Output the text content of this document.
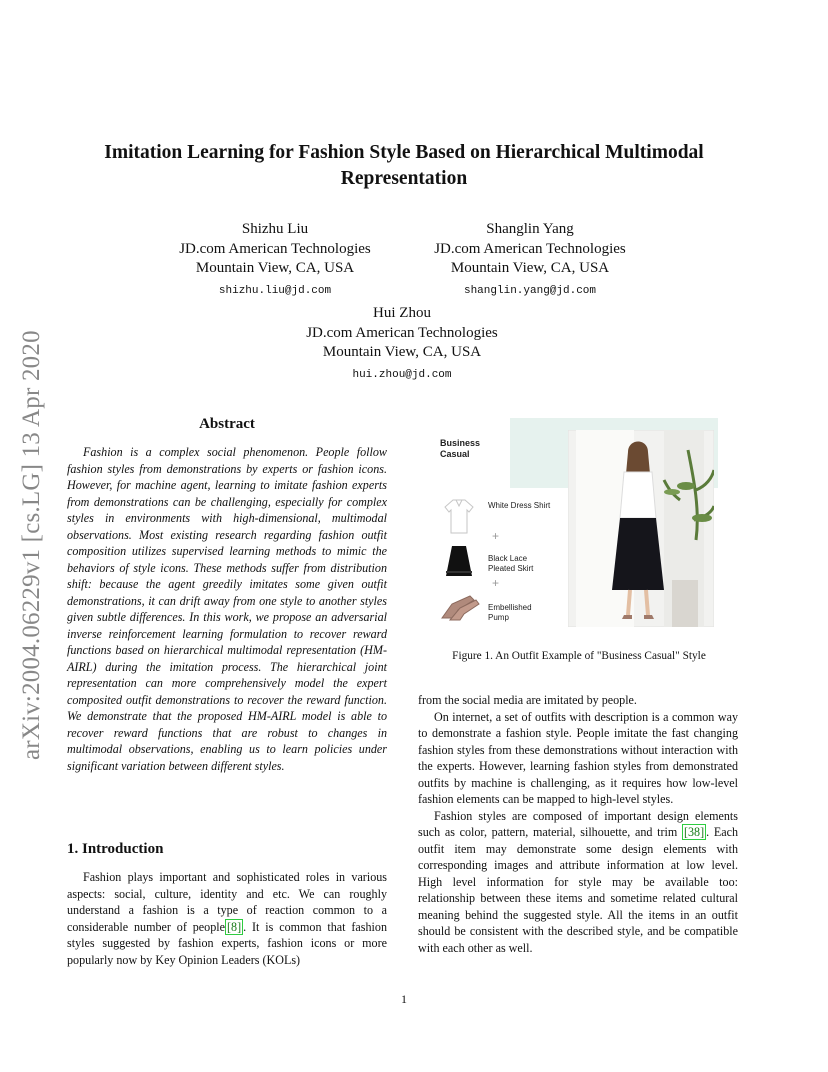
arXiv:2004.06229v1 [cs.LG] 13 Apr 2020
Imitation Learning for Fashion Style Based on Hierarchical Multimodal Representation
Shizhu Liu
JD.com American Technologies
Mountain View, CA, USA
shizhu.liu@jd.com
Shanglin Yang
JD.com American Technologies
Mountain View, CA, USA
shanglin.yang@jd.com
Hui Zhou
JD.com American Technologies
Mountain View, CA, USA
hui.zhou@jd.com
Abstract

Fashion is a complex social phenomenon. People follow fashion styles from demonstrations by experts or fashion icons. However, for machine agent, learning to imitate fashion experts from demonstrations can be challenging, especially for complex styles in environments with high-dimensional, multimodal observations. Most existing research regarding fashion outfit composition utilizes supervised learning methods to mimic the behaviors of style icons. These methods suffer from distribution shift: because the agent greedily imitates some given outfit demonstrations, it can drift away from one style to another styles given subtle differences. In this work, we propose an adversarial inverse reinforcement learning formulation to recover reward functions based on hierarchical multimodal representation (HM-AIRL) during the imitation process. The hierarchical joint representation can more comprehensively model the expert composited outfit demonstrations to recover the reward function. We demonstrate that the proposed HM-AIRL model is able to recover reward functions that are robust to changes in multimodal observations, enabling us to learn policies under significant variation between different styles.

1. Introduction

Fashion plays important and sophisticated roles in various aspects: social, culture, identity and etc. We can roughly understand a fashion is a type of reaction common to a considerable number of people [8] . It is common that fashion styles suggested by fashion experts, fashion icons or more popularly now by Key Opinion Leaders (KOLs)

Business Casual
White Dress Shirt
+
Black Lace Pleated Skirt
+
Embellished Pump
Figure 1. An Outfit Example of "Business Casual" Style

from the social media are imitated by people.

On internet, a set of outfits with description is a common way to demonstrate a fashion style. People imitate the fast changing fashion styles from these demonstrations without interaction with the experts. However, learning fashion styles from demonstrated outfits by machine is challenging, as it requires how low-level fashion elements can be mapped to high-level styles.

Fashion styles are composed of important design elements such as color, pattern, material, silhouette, and trim [38] . Each outfit item may demonstrate some design elements with corresponding images and attribute information at low level. High level information for style may be available too: relationship between these items and sometime related cultural meaning behind the suggested style. All the items in an outfit should be consistent with the described style, and be compatible with each other as well.

1
